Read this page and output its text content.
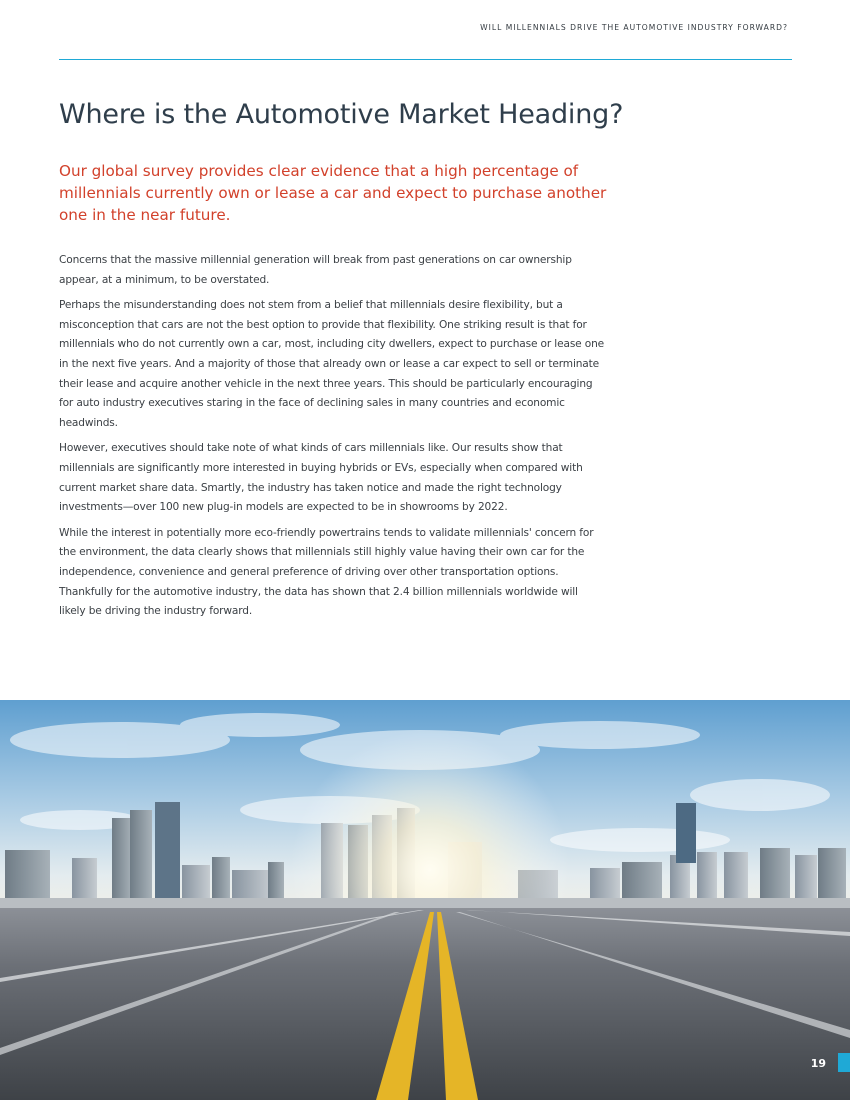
WILL MILLENNIALS DRIVE THE AUTOMOTIVE INDUSTRY FORWARD?
Where is the Automotive Market Heading?

Our global survey provides clear evidence that a high percentage of millennials currently own or lease a car and expect to purchase another one in the near future.

Concerns that the massive millennial generation will break from past generations on car ownership appear, at a minimum, to be overstated.

Perhaps the misunderstanding does not stem from a belief that millennials desire flexibility, but a misconception that cars are not the best option to provide that flexibility. One striking result is that for millennials who do not currently own a car, most, including city dwellers, expect to purchase or lease one in the next five years. And a majority of those that already own or lease a car expect to sell or terminate their lease and acquire another vehicle in the next three years. This should be particularly encouraging for auto industry executives staring in the face of declining sales in many countries and economic headwinds.

However, executives should take note of what kinds of cars millennials like. Our results show that millennials are significantly more interested in buying hybrids or EVs, especially when compared with current market share data. Smartly, the industry has taken notice and made the right technology investments—over 100 new plug-in models are expected to be in showrooms by 2022.

While the interest in potentially more eco-friendly powertrains tends to validate millennials' concern for the environment, the data clearly shows that millennials still highly value having their own car for the independence, convenience and general preference of driving over other transportation options. Thankfully for the automotive industry, the data has shown that 2.4 billion millennials worldwide will likely be driving the industry forward.

19
